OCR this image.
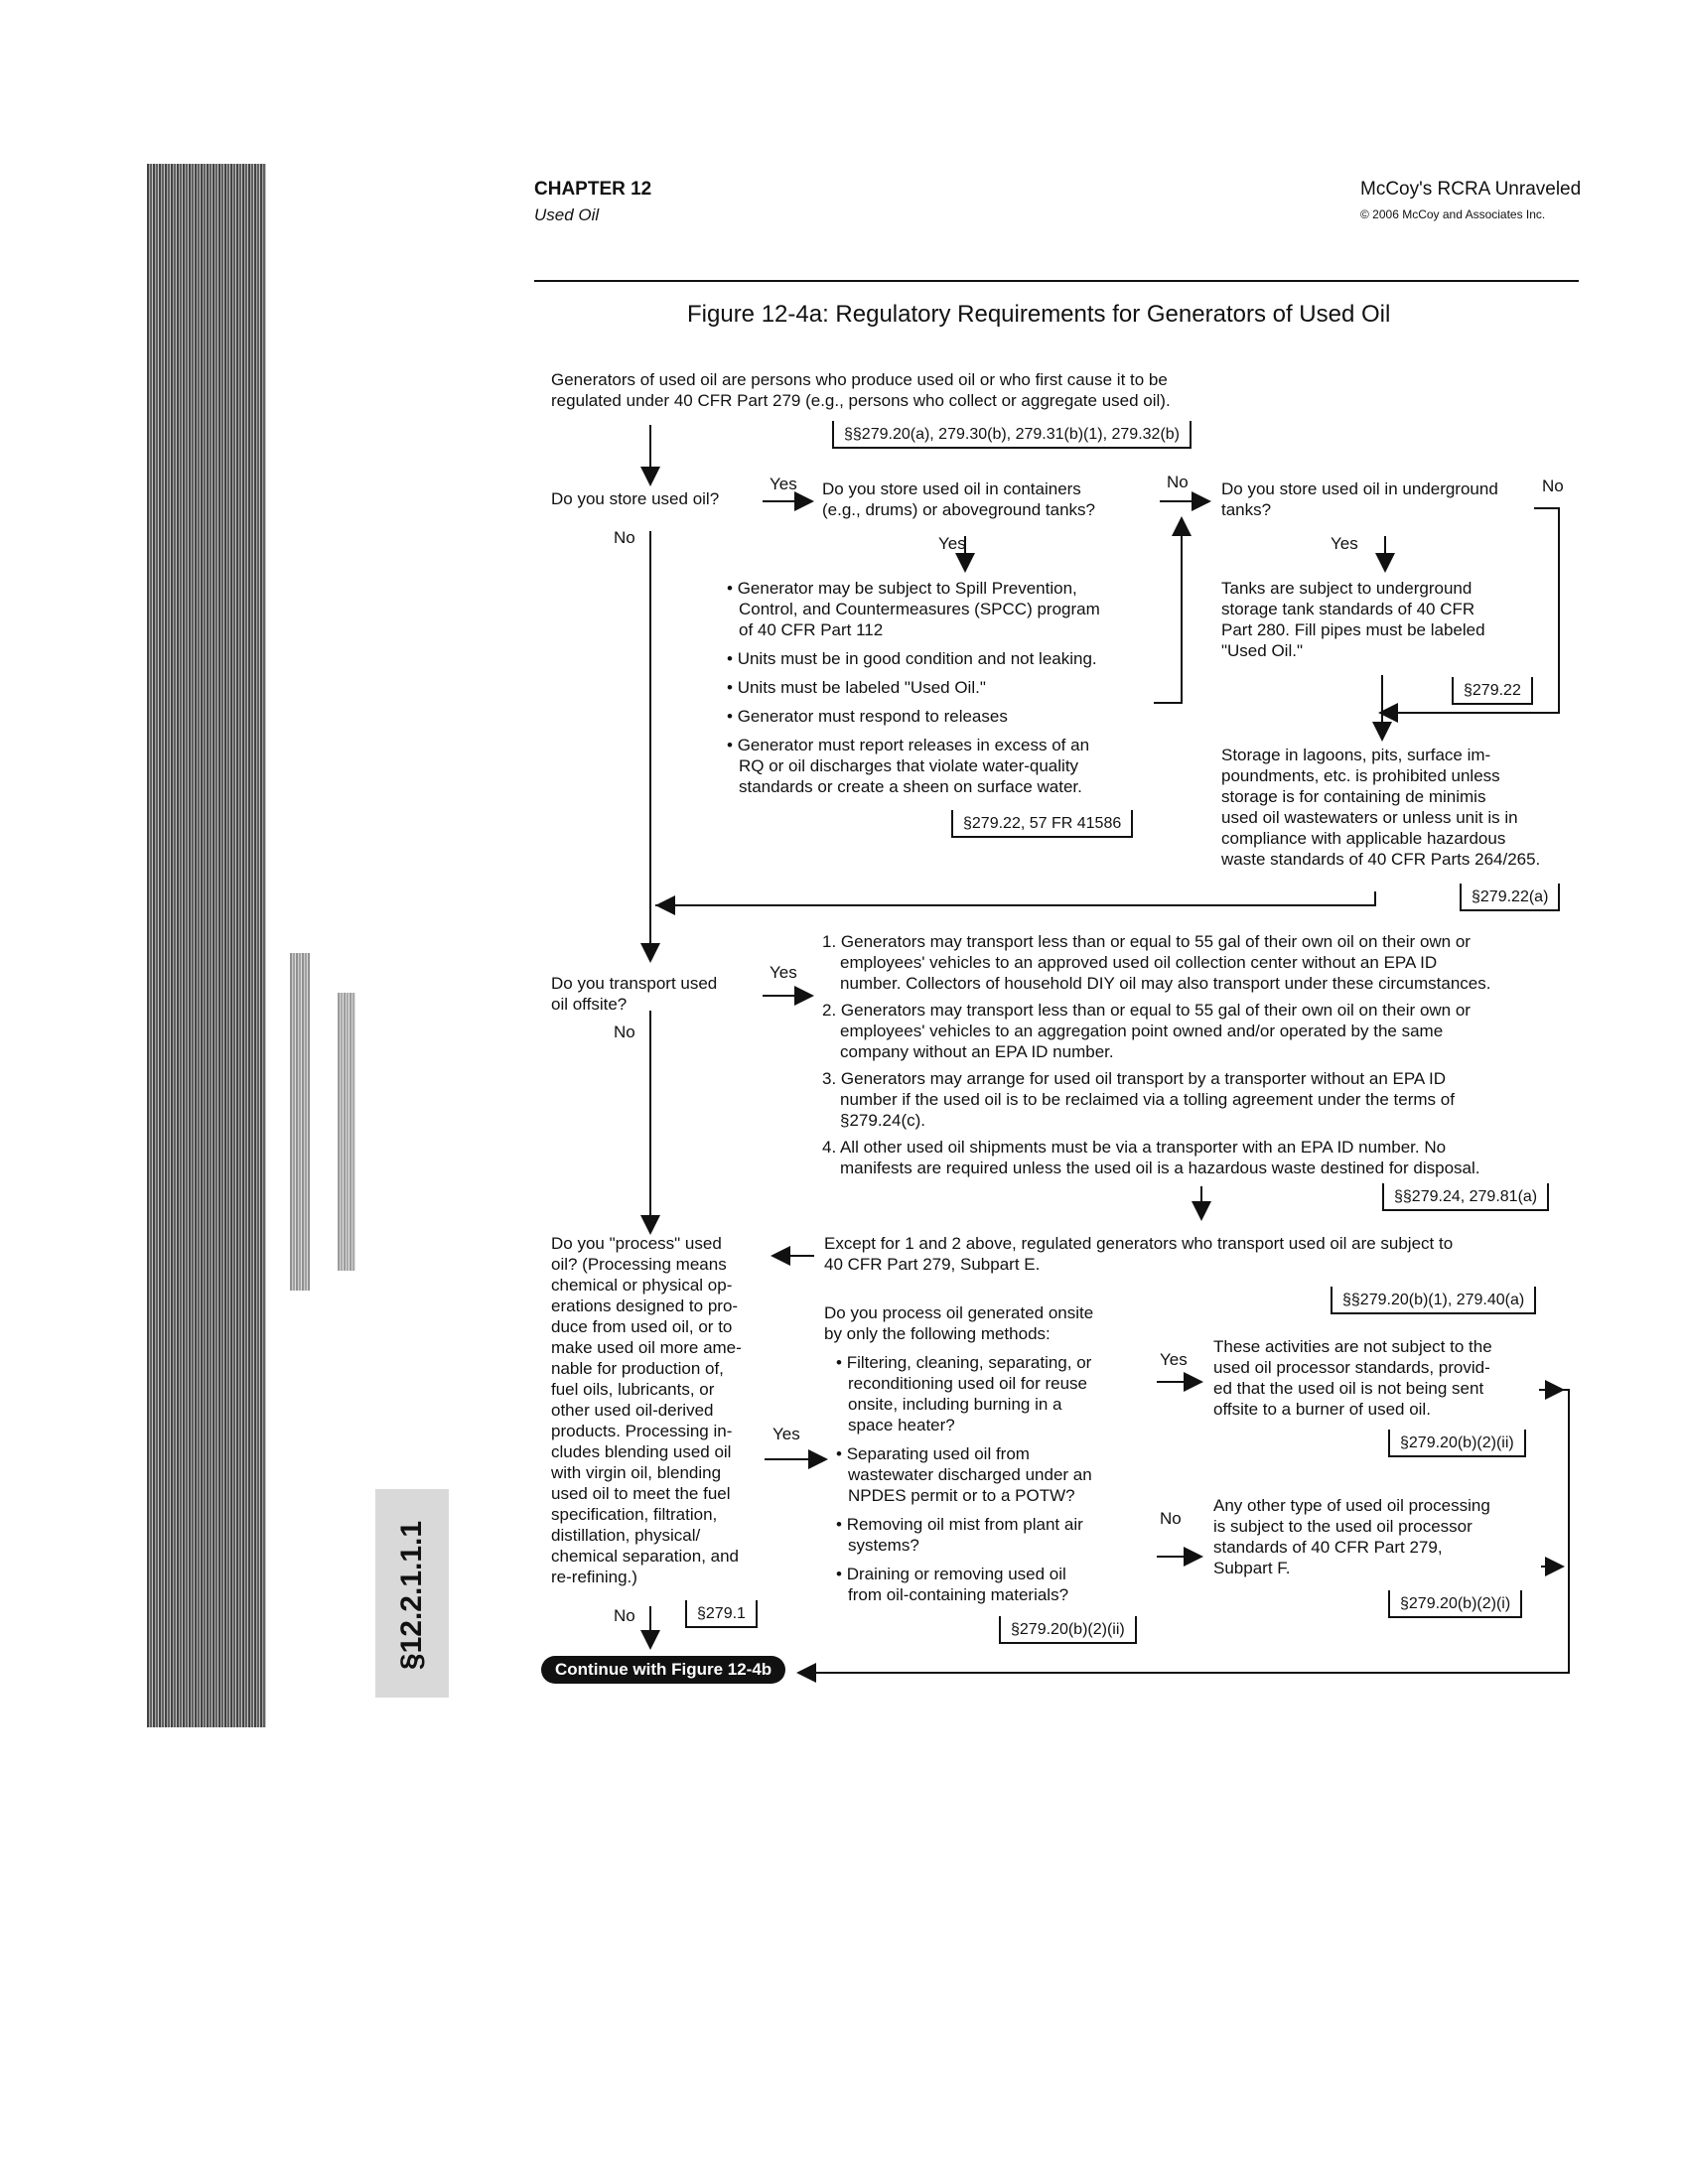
§12.2.1.1.1
CHAPTER 12
Used Oil
McCoy's RCRA Unraveled
© 2006 McCoy and Associates Inc.
Figure 12-4a: Regulatory Requirements for Generators of Used Oil
Generators of used oil are persons who produce used oil or who first cause it to be
regulated under 40 CFR Part 279 (e.g., persons who collect or aggregate used oil).
§§279.20(a), 279.30(b), 279.31(b)(1), 279.32(b)
Do you store used oil?
Yes
No
Do you store used oil in containers
(e.g., drums) or aboveground tanks?
No Do you store used oil in underground
tanks?
No
Yes	Yes
• Generator may be subject to Spill Prevention,
Control, and Countermeasures (SPCC) program
of 40 CFR Part 112
• Units must be in good condition and not leaking.
• Units must be labeled "Used Oil."
• Generator must respond to releases
• Generator must report releases in excess of an
RQ or oil discharges that violate water-quality
standards or create a sheen on surface water.
§279.22, 57 FR 41586
Tanks are subject to underground
storage tank standards of 40 CFR
Part 280. Fill pipes must be labeled
"Used Oil."
§279.22
Storage in lagoons, pits, surface im-
poundments, etc. is prohibited unless
storage is for containing de minimis
used oil wastewaters or unless unit is in
compliance with applicable hazardous
waste standards of 40 CFR Parts 264/265.
§279.22(a)
Do you transport used
oil offsite?
Yes
No
1. Generators may transport less than or equal to 55 gal of their own oil on their own or
employees' vehicles to an approved used oil collection center without an EPA ID
number. Collectors of household DIY oil may also transport under these circumstances.
2. Generators may transport less than or equal to 55 gal of their own oil on their own or
employees' vehicles to an aggregation point owned and/or operated by the same
company without an EPA ID number.
3. Generators may arrange for used oil transport by a transporter without an EPA ID
number if the used oil is to be reclaimed via a tolling agreement under the terms of
§279.24(c).
4. All other used oil shipments must be via a transporter with an EPA ID number. No
manifests are required unless the used oil is a hazardous waste destined for disposal.
§§279.24, 279.81(a)
Do you "process" used
oil? (Processing means
chemical or physical op-
erations designed to pro-
duce from used oil, or to
make used oil more ame-
nable for production of,
fuel oils, lubricants, or
other used oil-derived
products. Processing in-
cludes blending used oil
with virgin oil, blending
used oil to meet the fuel
specification, filtration,
distillation, physical/
chemical separation, and
re-refining.)
Yes
No	§279.1
Except for 1 and 2 above, regulated generators who transport used oil are subject to
40 CFR Part 279, Subpart E.
§§279.20(b)(1), 279.40(a)
Do you process oil generated onsite
by only the following methods:
• Filtering, cleaning, separating, or
reconditioning used oil for reuse
onsite, including burning in a
space heater?
• Separating used oil from
wastewater discharged under an
NPDES permit or to a POTW?
• Removing oil mist from plant air
systems?
• Draining or removing used oil
from oil-containing materials?
§279.20(b)(2)(ii)
Yes
No
These activities are not subject to the
used oil processor standards, provid-
ed that the used oil is not being sent
offsite to a burner of used oil.
§279.20(b)(2)(ii)
Any other type of used oil processing
is subject to the used oil processor
standards of 40 CFR Part 279,
Subpart F.
§279.20(b)(2)(i)
Continue with Figure 12-4b
